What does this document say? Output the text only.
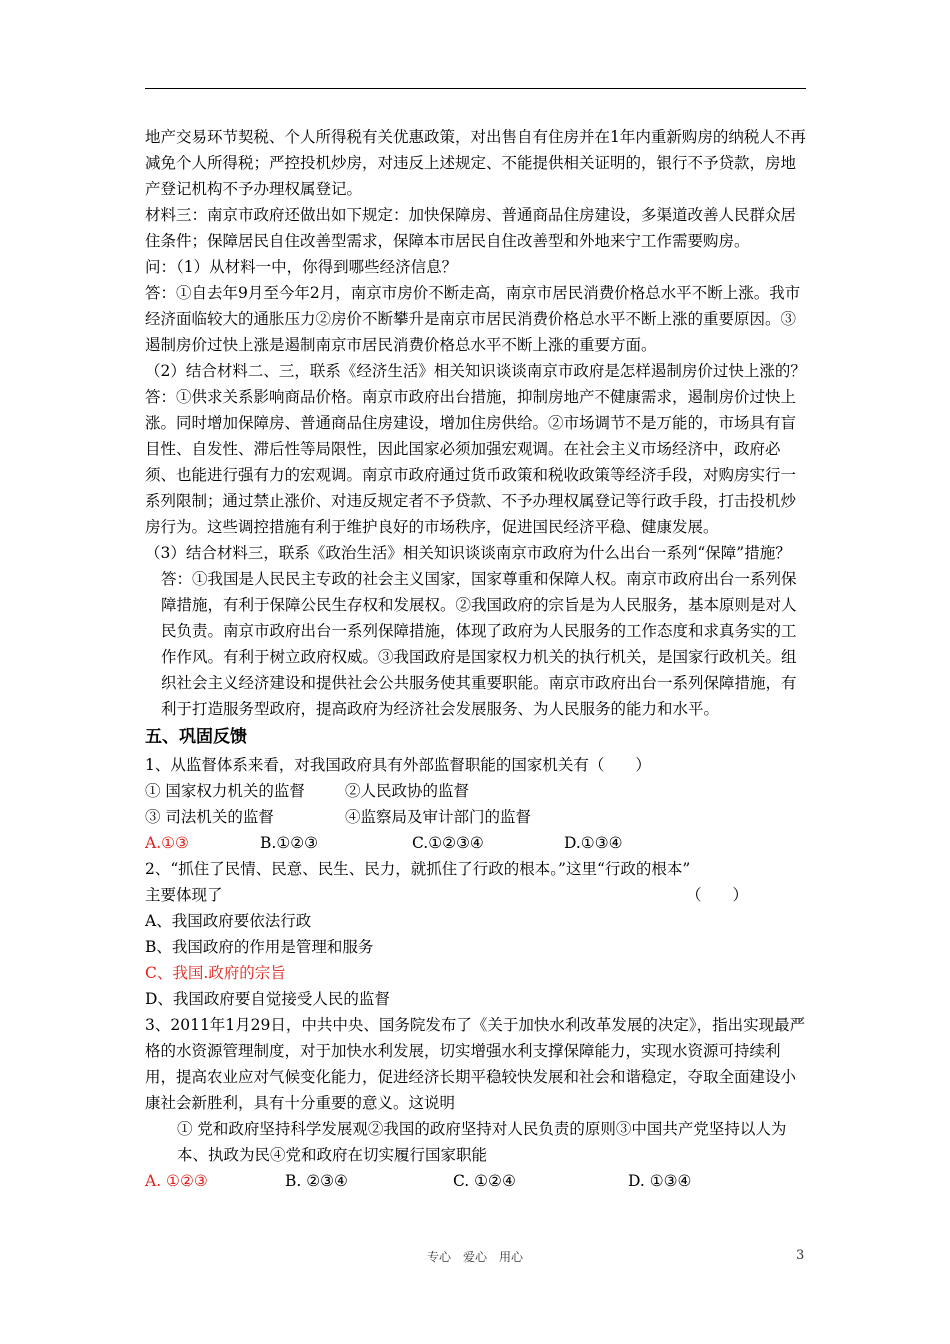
地产交易环节契税、个人所得税有关优惠政策，对出售自有住房并在1年内重新购房的纳税人不再减免个人所得税；严控投机炒房，对违反上述规定、不能提供相关证明的，银行不予贷款，房地产登记机构不予办理权属登记。

材料三：南京市政府还做出如下规定：加快保障房、普通商品住房建设，多渠道改善人民群众居住条件；保障居民自住改善型需求，保障本市居民自住改善型和外地来宁工作需要购房。

问：（1）从材料一中，你得到哪些经济信息？

答：①自去年9月至今年2月，南京市房价不断走高，南京市居民消费价格总水平不断上涨。我市经济面临较大的通胀压力②房价不断攀升是南京市居民消费价格总水平不断上涨的重要原因。③遏制房价过快上涨是遏制南京市居民消费价格总水平不断上涨的重要方面。

（2）结合材料二、三，联系《经济生活》相关知识谈谈南京市政府是怎样遏制房价过快上涨的？

答：①供求关系影响商品价格。南京市政府出台措施，抑制房地产不健康需求，遏制房价过快上涨。同时增加保障房、普通商品住房建设，增加住房供给。②市场调节不是万能的，市场具有盲目性、自发性、滞后性等局限性，因此国家必须加强宏观调。在社会主义市场经济中，政府必须、也能进行强有力的宏观调。南京市政府通过货币政策和税收政策等经济手段，对购房实行一系列限制；通过禁止涨价、对违反规定者不予贷款、不予办理权属登记等行政手段，打击投机炒房行为。这些调控措施有利于维护良好的市场秩序，促进国民经济平稳、健康发展。

（3）结合材料三，联系《政治生活》相关知识谈谈南京市政府为什么出台一系列“保障”措施？

答：①我国是人民民主专政的社会主义国家，国家尊重和保障人权。南京市政府出台一系列保障措施，有利于保障公民生存权和发展权。②我国政府的宗旨是为人民服务，基本原则是对人民负责。南京市政府出台一系列保障措施，体现了政府为人民服务的工作态度和求真务实的工作作风。有利于树立政府权威。③我国政府是国家权力机关的执行机关，是国家行政机关。组织社会主义经济建设和提供社会公共服务使其重要职能。南京市政府出台一系列保障措施，有利于打造服务型政府，提高政府为经济社会发展服务、为人民服务的能力和水平。

五、巩固反馈

1、从监督体系来看，对我国政府具有外部监督职能的国家机关有（　　）

① 国家权力机关的监督	②人民政协的监督

③ 司法机关的监督	④监察局及审计部门的监督

A.①③	B.①②③	C.①②③④	D.①③④

2、“抓住了民情、民意、民生、民力，就抓住了行政的根本。”这里“行政的根本”

主要体现了	（　　）

A、我国政府要依法行政

B、我国政府的作用是管理和服务

C、我国.政府的宗旨

D、我国政府要自觉接受人民的监督

3、2011年1月29日，中共中央、国务院发布了《关于加快水利改革发展的决定》，指出实现最严格的水资源管理制度，对于加快水利发展，切实增强水利支撑保障能力，实现水资源可持续利用，提高农业应对气候变化能力，促进经济长期平稳较快发展和社会和谐稳定，夺取全面建设小康社会新胜利，具有十分重要的意义。这说明

① 党和政府坚持科学发展观②我国的政府坚持对人民负责的原则③中国共产党坚持以人为本、执政为民④党和政府在切实履行国家职能

A. ①②③	B. ②③④	C. ①②④	D. ①③④

专心　爱心　用心	3
